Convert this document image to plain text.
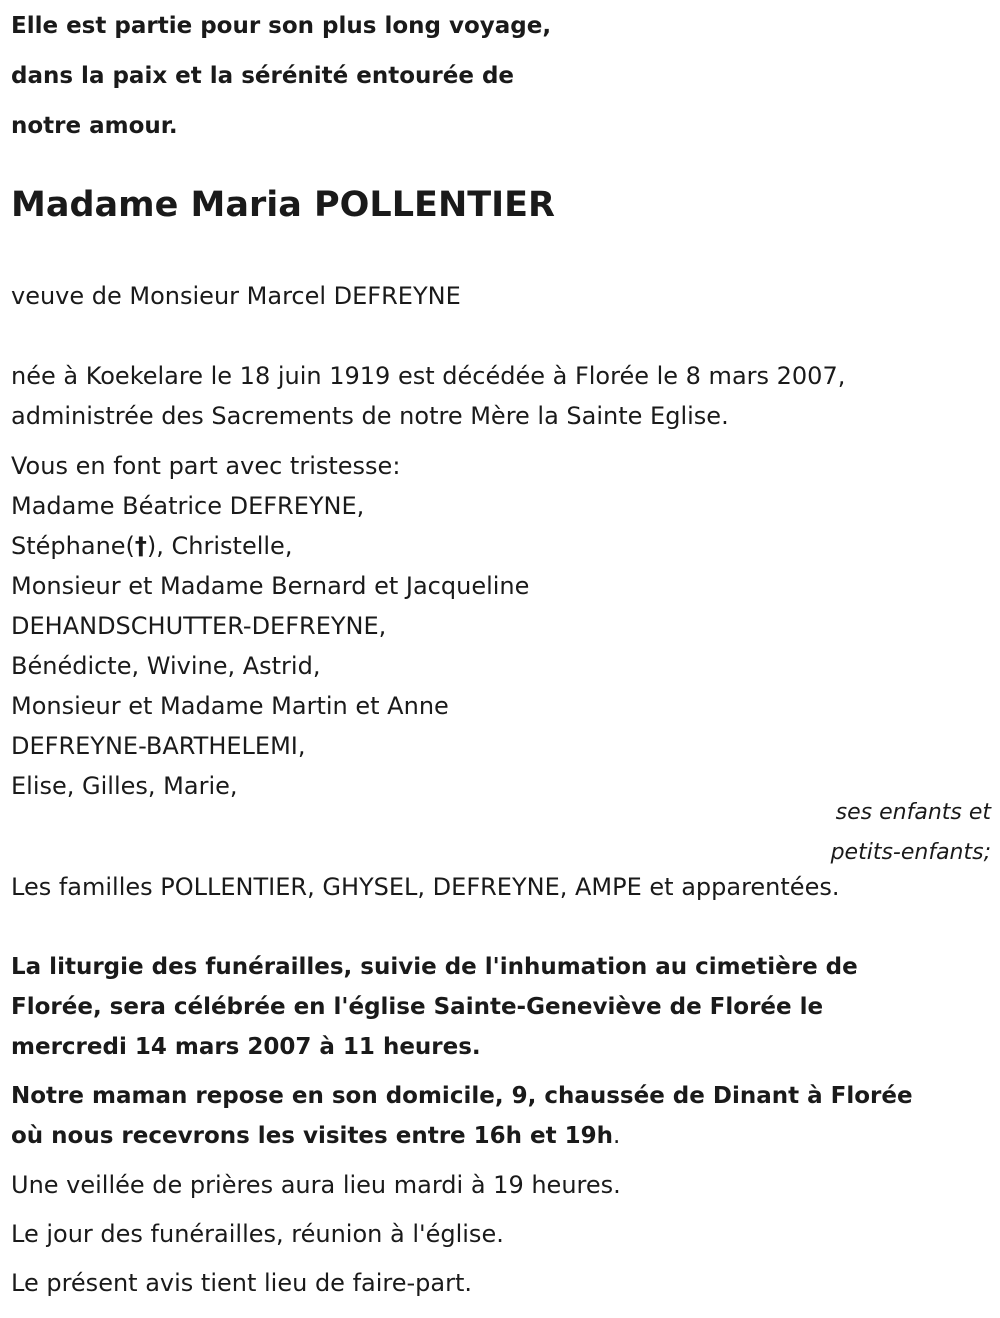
Elle est partie pour son plus long voyage,
dans la paix et la sérénité entourée de
notre amour.
Madame Maria POLLENTIER
veuve de Monsieur Marcel DEFREYNE
née à Koekelare le 18 juin 1919 est décédée à Florée le 8 mars 2007,
administrée des Sacrements de notre Mère la Sainte Eglise.
Vous en font part avec tristesse:
Madame Béatrice DEFREYNE,
Stéphane(†), Christelle,
Monsieur et Madame Bernard et Jacqueline
DEHANDSCHUTTER-DEFREYNE,
Bénédicte, Wivine, Astrid,
Monsieur et Madame Martin et Anne
DEFREYNE-BARTHELEMI,
Elise, Gilles, Marie,
ses enfants et
petits-enfants;
Les familles POLLENTIER, GHYSEL, DEFREYNE, AMPE et apparentées.
La liturgie des funérailles, suivie de l'inhumation au cimetière de
Florée, sera célébrée en l'église Sainte-Geneviève de Florée le
mercredi 14 mars 2007 à 11 heures.
Notre maman repose en son domicile, 9, chaussée de Dinant à Florée
où nous recevrons les visites entre 16h et 19h.
Une veillée de prières aura lieu mardi à 19 heures.
Le jour des funérailles, réunion à l'église.
Le présent avis tient lieu de faire-part.
